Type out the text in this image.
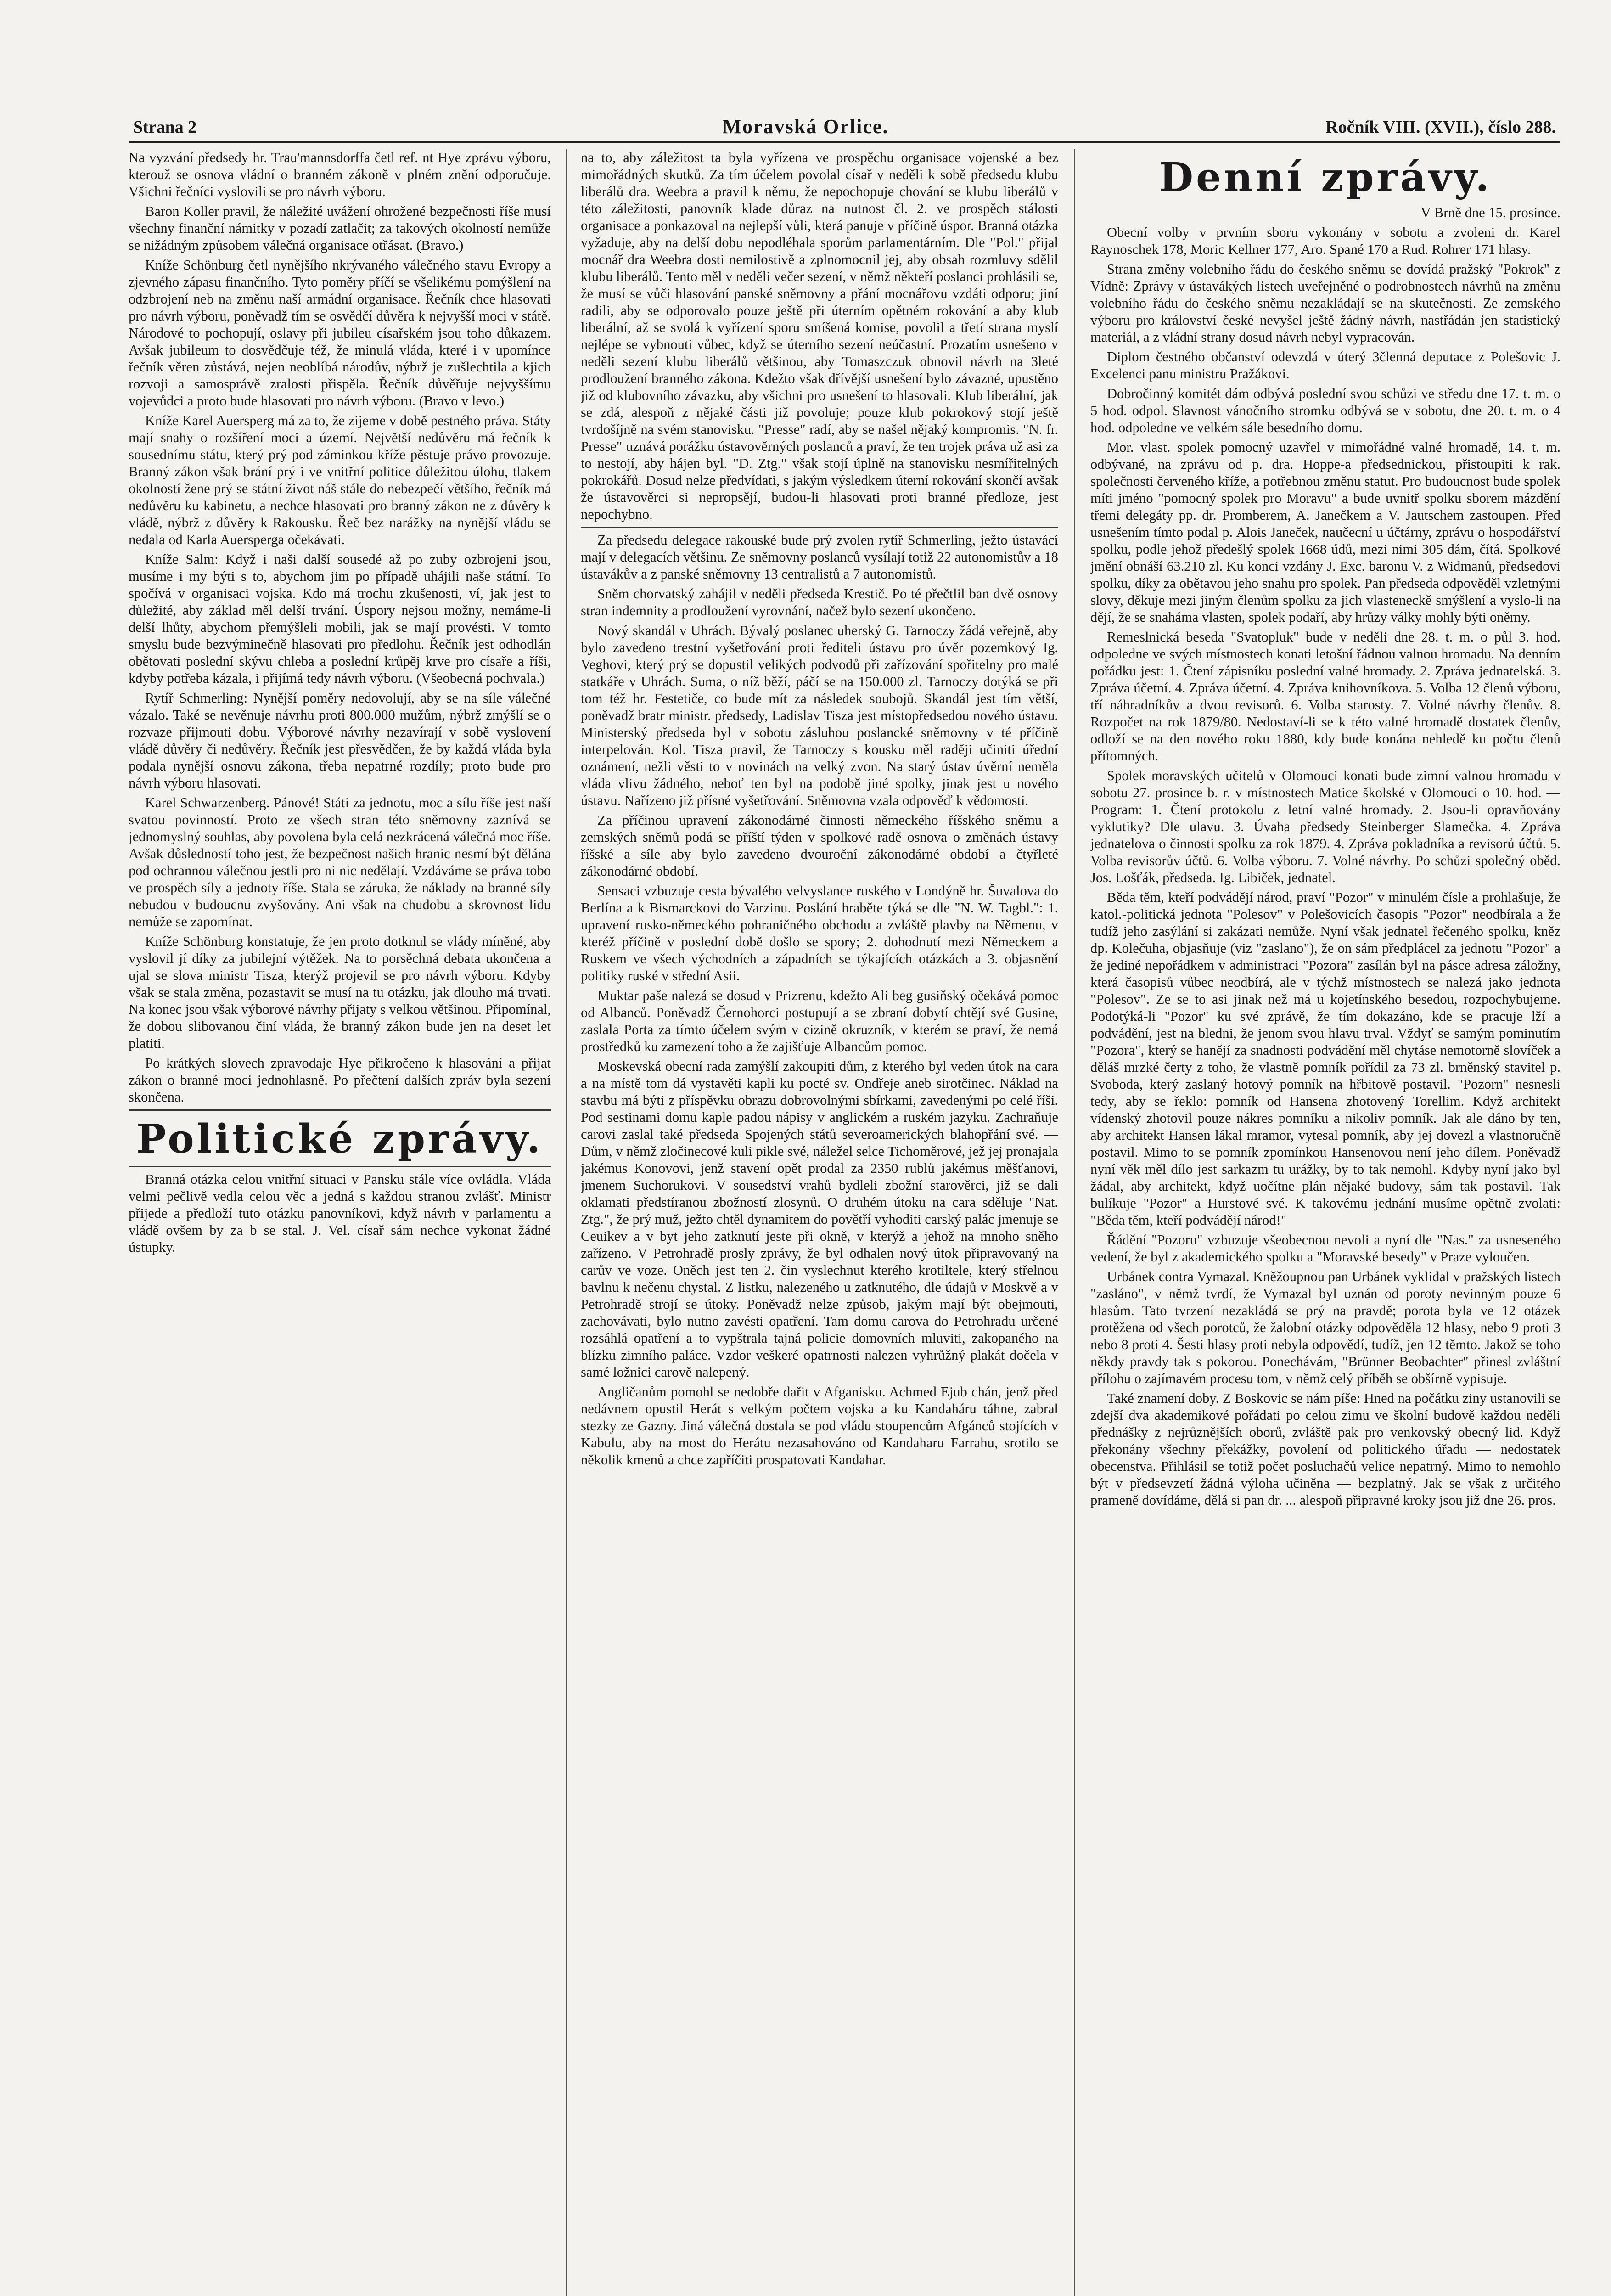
Strana 2	Moravská Orlice.	Ročník VIII. (XVII.), číslo 288.

Na vyzvání předsedy hr. Trau'mannsdorffa četl ref. nt Hye zprávu výboru, kterouž se osnova vládní o branném zákoně v plném znění odporučuje. Všichni řečníci vyslovili se pro návrh výboru.

Baron Koller pravil, že náležité uvážení ohrožené bezpečnosti říše musí všechny finanční námitky v pozadí zatlačit; za takových okolností nemůže se nižádným způsobem válečná organisace otřásat. (Bravo.)

Kníže Schönburg četl nynějšího nkrývaného válečného stavu Evropy a zjevného zápasu finančního. Tyto poměry příčí se všelikému pomýšlení na odzbrojení neb na změnu naší armádní organisace. Řečník chce hlasovati pro návrh výboru, poněvadž tím se osvědčí důvěra k nejvyšší moci v státě. Národové to pochopují, oslavy při jubileu císařském jsou toho důkazem. Avšak jubileum to dosvědčuje též, že minulá vláda, které i v upomínce řečník věren zůstává, nejen neoblíbá národův, nýbrž je zušlechtila a kjich rozvoji a samosprávě zralosti přispěla. Řečník důvěřuje nejvyššímu vojevůdci a proto bude hlasovati pro návrh výboru. (Bravo v levo.)

Kníže Karel Auersperg má za to, že zijeme v době pestného práva. Státy mají snahy o rozšíření moci a území. Největší nedůvěru má řečník k sousednímu státu, který prý pod záminkou kříže pěstuje právo provozuje. Branný zákon však brání prý i ve vnitřní politice důležitou úlohu, tlakem okolností žene prý se státní život náš stále do nebezpečí většího, řečník má nedůvěru ku kabinetu, a nechce hlasovati pro branný zákon ne z důvěry k vládě, nýbrž z důvěry k Rakousku. Řeč bez narážky na nynější vládu se nedala od Karla Auersperga očekávati.

Kníže Salm: Když i naši další sousedé až po zuby ozbrojeni jsou, musíme i my býti s to, abychom jim po případě uhájili naše státní. To spočívá v organisaci vojska. Kdo má trochu zkušenosti, ví, jak jest to důležité, aby základ měl delší trvání. Úspory nejsou možny, nemáme-li delší lhůty, abychom přemýšleli mobili, jak se mají provésti. V tomto smyslu bude bezvýminečně hlasovati pro předlohu. Řečník jest odhodlán obětovati poslední skývu chleba a poslední krůpěj krve pro císaře a říši, kdyby potřeba kázala, i přijímá tedy návrh výboru. (Všeobecná pochvala.)

Rytíř Schmerling: Nynější poměry nedovolují, aby se na síle válečné vázalo. Také se nevěnuje návrhu proti 800.000 mužům, nýbrž zmýšlí se o rozvaze přijmouti dobu. Výborové návrhy nezavírají v sobě vyslovení vládě důvěry či nedůvěry. Řečník jest přesvědčen, že by každá vláda byla podala nynější osnovu zákona, třeba nepatrné rozdíly; proto bude pro návrh výboru hlasovati.

Karel Schwarzenberg. Pánové! Státi za jednotu, moc a sílu říše jest naší svatou povinností. Proto ze všech stran této sněmovny zaznívá se jednomyslný souhlas, aby povolena byla celá nezkrácená válečná moc říše. Avšak důsledností toho jest, že bezpečnost našich hranic nesmí být dělána pod ochrannou válečnou jestli pro ni nic nedělají. Vzdáváme se práva tobo ve prospěch síly a jednoty říše. Stala se záruka, že náklady na branné síly nebudou v budoucnu zvyšovány. Ani však na chudobu a skrovnost lidu nemůže se zapomínat.

Kníže Schönburg konstatuje, že jen proto dotknul se vlády míněné, aby vyslovil jí díky za jubilejní výtěžek. Na to porsěchná debata ukončena a ujal se slova ministr Tisza, kterýž projevil se pro návrh výboru. Kdyby však se stala změna, pozastavit se musí na tu otázku, jak dlouho má trvati. Na konec jsou však výborové návrhy přijaty s velkou většinou. Připomínal, že dobou slibovanou činí vláda, že branný zákon bude jen na deset let platiti.

Po krátkých slovech zpravodaje Hye přikročeno k hlasování a přijat zákon o branné moci jednohlasně. Po přečtení dalších zpráv byla sezení skončena.

Politické zprávy.

Branná otázka celou vnitřní situaci v Pansku stále více ovládla. Vláda velmi pečlivě vedla celou věc a jedná s každou stranou zvlášť. Ministr přijede a předloží tuto otázku panovníkovi, když návrh v parlamentu a vládě ovšem by za b se stal. J. Vel. císař sám nechce vykonat žádné ústupky.

na to, aby záležitost ta byla vyřízena ve prospěchu organisace vojenské a bez mimořádných skutků. Za tím účelem povolal císař v neděli k sobě předsedu klubu liberálů dra. Weebra a pravil k němu, že nepochopuje chování se klubu liberálů v této záležitosti, panovník klade důraz na nutnost čl. 2. ve prospěch stálosti organisace a ponkazoval na nejlepší vůli, která panuje v příčině úspor. Branná otázka vyžaduje, aby na delší dobu nepodléhala sporům parlamentárním. Dle "Pol." přijal mocnář dra Weebra dosti nemilostivě a zplnomocnil jej, aby obsah rozmluvy sdělil klubu liberálů. Tento měl v neděli večer sezení, v němž někteří poslanci prohlásili se, že musí se vůči hlasování panské sněmovny a přání mocnářovu vzdáti odporu; jiní radili, aby se odporovalo pouze ještě při úterním opětném rokování a aby klub liberální, až se svolá k vyřízení sporu smíšená komise, povolil a třetí strana myslí nejlépe se vybnouti vůbec, když se úterního sezení neúčastní. Prozatím usnešeno v neděli sezení klubu liberálů většinou, aby Tomaszczuk obnovil návrh na 3leté prodloužení branného zákona. Kdežto však dřívější usnešení bylo závazné, upustěno již od klubovního závazku, aby všichni pro usnešení to hlasovali. Klub liberální, jak se zdá, alespoň z nějaké části již povoluje; pouze klub pokrokový stojí ještě tvrdošíjně na svém stanovisku. "Presse" radí, aby se našel nějaký kompromis. "N. fr. Presse" uznává porážku ústavověrných poslanců a praví, že ten trojek práva už asi za to nestojí, aby hájen byl. "D. Ztg." však stojí úplně na stanovisku nesmířitelných pokrokářů. Dosud nelze předvídati, s jakým výsledkem úterní rokování skončí avšak že ústavověrci si nepropsějí, budou-li hlasovati proti branné předloze, jest nepochybno.

Za předsedu delegace rakouské bude prý zvolen rytíř Schmerling, ježto ústavácí mají v delegacích většinu. Ze sněmovny poslanců vysílají totiž 22 autonomistův a 18 ústavákův a z panské sněmovny 13 centralistů a 7 autonomistů.

Sněm chorvatský zahájil v neděli předseda Krestič. Po té přečtlil ban dvě osnovy stran indemnity a prodloužení vyrovnání, načež bylo sezení ukončeno.

Nový skandál v Uhrách. Bývalý poslanec uherský G. Tarnoczy žádá veřejně, aby bylo zavedeno trestní vyšetřování proti řediteli ústavu pro úvěr pozemkový Ig. Veghovi, který prý se dopustil velikých podvodů při zařízování spořitelny pro malé statkáře v Uhrách. Suma, o níž běží, páčí se na 150.000 zl. Tarnoczy dotýká se při tom též hr. Festetiče, co bude mít za následek soubojů. Skandál jest tím větší, poněvadž bratr ministr. předsedy, Ladislav Tisza jest místopředsedou nového ústavu. Ministerský předseda byl v sobotu zásluhou poslancké sněmovny v té příčině interpelován. Kol. Tisza pravil, že Tarnoczy s kousku měl raději učiniti úřední oznámení, nežli věsti to v novinách na velký zvon. Na starý ústav úvěrní neměla vláda vlivu žádného, neboť ten byl na podobě jiné spolky, jinak jest u nového ústavu. Nařízeno již přísné vyšetřování. Sněmovna vzala odpověď k vědomosti.

Za příčinou upravení zákonodárné činnosti německého říšského sněmu a zemských sněmů podá se příští týden v spolkové radě osnova o změnách ústavy říšské a síle aby bylo zavedeno dvouroční zákonodárné období a čtyřleté zákonodárné období.

Sensaci vzbuzuje cesta bývalého velvyslance ruského v Londýně hr. Šuvalova do Berlína a k Bismarckovi do Varzinu. Poslání hraběte týká se dle "N. W. Tagbl.": 1. upravení rusko-německého pohraničného obchodu a zvláště plavby na Němenu, v kteréž příčině v poslední době došlo se spory; 2. dohodnutí mezi Německem a Ruskem ve všech východních a západních se týkajících otázkách a 3. objasnění politiky ruské v střední Asii.

Muktar paše nalezá se dosud v Prizrenu, kdežto Ali beg gusiňský očekává pomoc od Albanců. Poněvadž Černohorci postupují a se zbraní dobytí chtějí své Gusine, zaslala Porta za tímto účelem svým v cizině okruzník, v kterém se praví, že nemá prostředků ku zamezení toho a že zajišťuje Albancům pomoc.

Moskevská obecní rada zamýšlí zakoupiti dům, z kterého byl veden útok na cara a na místě tom dá vystavěti kapli ku pocté sv. Ondřeje aneb sirotčinec. Náklad na stavbu má býti z příspěvku obrazu dobrovolnými sbírkami, zavedenými po celé říši. Pod sestinami domu kaple padou nápisy v anglickém a ruském jazyku. Zachraňuje carovi zaslal také předseda Spojených států severoamerických blahopřání své. — Dům, v němž zločinecové kuli pikle své, náležel selce Tichoměrové, jež jej pronajala jakémus Konovovi, jenž stavení opět prodal za 2350 rublů jakémus měšťanovi, jmenem Suchorukovi. V sousedství vrahů bydleli zbožní starověrci, již se dali oklamati předstíranou zbožností zlosynů. O druhém útoku na cara sděluje "Nat. Ztg.", že prý muž, ježto chtěl dynamitem do povětří vyhoditi carský palác jmenuje se Ceuikev a v byt jeho zatknutí jeste při okně, v kterýž a jehož na mnoho sněho zařízeno. V Petrohradě prosly zprávy, že byl odhalen nový útok připravovaný na carův ve voze. Oněch jest ten 2. čin vyslechnut kterého krotiltele, který střelnou bavlnu k nečenu chystal. Z listku, nalezeného u zatknutého, dle údajů v Moskvě a v Petrohradě strojí se útoky. Poněvadž nelze způsob, jakým mají být obejmouti, zachovávati, bylo nutno zavésti opatření. Tam domu carova do Petrohradu určené rozsáhlá opatření a to vypštrala tajná policie domovních mluviti, zakopaného na blízku zimního paláce. Vzdor veškeré opatrnosti nalezen vyhrůžný plakát dočela v samé ložnici carově nalepený.

Angličanům pomohl se nedobře dařit v Afganisku. Achmed Ejub chán, jenž před nedávnem opustil Herát s velkým počtem vojska a ku Kandaháru táhne, zabral stezky ze Gazny. Jiná válečná dostala se pod vládu stoupencům Afgánců stojících v Kabulu, aby na most do Herátu nezasahováno od Kandaharu Farrahu, srotilo se několik kmenů a chce zapříčiti prospatovati Kandahar.

Denní zprávy.
V Brně dne 15. prosince.

Obecní volby v prvním sboru vykonány v sobotu a zvoleni dr. Karel Raynoschek 178, Moric Kellner 177, Aro. Spané 170 a Rud. Rohrer 171 hlasy.

Strana změny volebního řádu do českého sněmu se dovídá pražský "Pokrok" z Vídně: Zprávy v ústavákých listech uveřejněné o podrobnostech návrhů na změnu volebního řádu do českého sněmu nezakládají se na skutečnosti. Ze zemského výboru pro království české nevyšel ještě žádný návrh, nastřádán jen statistický materiál, a z vládní strany dosud návrh nebyl vypracován.

Diplom čestného občanství odevzdá v úterý 3členná deputace z Polešovic J. Excelenci panu ministru Pražákovi.

Dobročinný komitét dám odbývá poslední svou schůzi ve středu dne 17. t. m. o 5 hod. odpol. Slavnost vánočního stromku odbývá se v sobotu, dne 20. t. m. o 4 hod. odpoledne ve velkém sále besedního domu.

Mor. vlast. spolek pomocný uzavřel v mimořádné valné hromadě, 14. t. m. odbývané, na zprávu od p. dra. Hoppe-a předsednickou, přistoupiti k rak. společnosti červeného kříže, a potřebnou změnu statut. Pro budoucnost bude spolek míti jméno "pomocný spolek pro Moravu" a bude uvnitř spolku sborem mázdění třemi delegáty pp. dr. Promberem, A. Janečkem a V. Jautschem zastoupen. Před usnešením tímto podal p. Alois Janeček, naučecní u účtárny, zprávu o hospodářství spolku, podle jehož předešlý spolek 1668 údů, mezi nimi 305 dám, čítá. Spolkové jmění obnáší 63.210 zl. Ku konci vzdány J. Exc. baronu V. z Widmanů, předsedovi spolku, díky za obětavou jeho snahu pro spolek. Pan předseda odpověděl vzletnými slovy, děkuje mezi jiným členům spolku za jich vlasteneckě smýšlení a vyslo-li na dějí, že se snaháma vlasten, spolek podaří, aby hrůzy války mohly býti oněmy.

Remeslnická beseda "Svatopluk" bude v neděli dne 28. t. m. o půl 3. hod. odpoledne ve svých místnostech konati letošní řádnou valnou hromadu. Na denním pořádku jest: 1. Čtení zápisníku poslední valné hromady. 2. Zpráva jednatelská. 3. Zpráva účetní. 4. Zpráva účetní. 4. Zpráva knihovníkova. 5. Volba 12 členů výboru, tří náhradníkův a dvou revisorů. 6. Volba starosty. 7. Volné návrhy členův. 8. Rozpočet na rok 1879/80. Nedostaví-li se k této valné hromadě dostatek členův, odloží se na den nového roku 1880, kdy bude konána nehledě ku počtu členů přítomných.

Spolek moravských učitelů v Olomouci konati bude zimní valnou hromadu v sobotu 27. prosince b. r. v místnostech Matice školské v Olomouci o 10. hod. — Program: 1. Čtení protokolu z letní valné hromady. 2. Jsou-li opravňovány vyklutiky? Dle ulavu. 3. Úvaha předsedy Steinberger Slamečka. 4. Zpráva jednatelova o činnosti spolku za rok 1879. 4. Zpráva pokladníka a revisorů účtů. 5. Volba revisorův účtů. 6. Volba výboru. 7. Volné návrhy. Po schůzi společný oběd. Jos. Lošťák, předseda. Ig. Libiček, jednatel.

Běda těm, kteří podvádějí národ, praví "Pozor" v minulém čísle a prohlašuje, že katol.-politická jednota "Polesov" v Polešovicích časopis "Pozor" neodbírala a že tudíž jeho zasýlání si zakázati nemůže. Nyní však jednatel řečeného spolku, kněz dp. Kolečuha, objasňuje (viz "zaslano"), že on sám předplácel za jednotu "Pozor" a že jediné nepořádkem v administraci "Pozora" zasílán byl na pásce adresa záložny, která časopisů vůbec neodbírá, ale v týchž místnostech se nalezá jako jednota "Polesov". Ze se to asi jinak než má u kojetínského besedou, rozpochybujeme. Podotýká-li "Pozor" ku své zprávě, že tím dokazáno, kde se pracuje lží a podvádění, jest na bledni, že jenom svou hlavu trval. Vždyť se samým pominutím "Pozora", který se hanějí za snadnosti podvádění měl chytáse nemotorně slovíček a děláš mrzké čerty z toho, že vlastně pomník pořídil za 73 zl. brněnský stavitel p. Svoboda, který zaslaný hotový pomník na hřbitově postavil. "Pozorn" nesnesli tedy, aby se řeklo: pomník od Hansena zhotovený Torellim. Když architekt vídenský zhotovil pouze nákres pomníku a nikoliv pomník. Jak ale dáno by ten, aby architekt Hansen lákal mramor, vytesal pomník, aby jej dovezl a vlastnoručně postavil. Mimo to se pomník zpomínkou Hansenovou není jeho dílem. Poněvadž nyní věk měl dílo jest sarkazm tu urážky, by to tak nemohl. Kdyby nyní jako byl žádal, aby architekt, když uočítne plán nějaké budovy, sám tak postavil. Tak bulíkuje "Pozor" a Hurstové své. K takovému jednání musíme opětně zvolati: "Běda těm, kteří podvádějí národ!"

Řádění "Pozoru" vzbuzuje všeobecnou nevoli a nyní dle "Nas." za usneseného vedení, že byl z akademického spolku a "Moravské besedy" v Praze vyloučen.

Urbánek contra Vymazal. Kněžoupnou pan Urbánek vyklidal v pražských listech "zasláno", v němž tvrdí, že Vymazal byl uznán od poroty nevinným pouze 6 hlasům. Tato tvrzení nezakládá se prý na pravdě; porota byla ve 12 otázek protěžena od všech porotců, že žalobní otázky odpověděla 12 hlasy, nebo 9 proti 3 nebo 8 proti 4. Šesti hlasy proti nebyla odpovědí, tudíž, jen 12 těmto. Jakož se toho někdy pravdy tak s pokorou. Ponechávám, "Brünner Beobachter" přinesl zvláštní přílohu o zajímavém procesu tom, v němž celý příběh se obšírně vypisuje.

Také znamení doby. Z Boskovic se nám píše: Hned na počátku ziny ustanovili se zdejší dva akademikové pořádati po celou zimu ve školní budově každou neděli přednášky z nejrůznějších oborů, zvláště pak pro venkovský obecný lid. Když překonány všechny překážky, povolení od politického úřadu — nedostatek obecenstva. Přihlásil se totiž počet posluchačů velice nepatrný. Mimo to nemohlo být v předsevzetí žádná výloha učiněna — bezplatný. Jak se však z určitého prameně dovídáme, dělá si pan dr. ... alespoň připravné kroky jsou již dne 26. pros.
